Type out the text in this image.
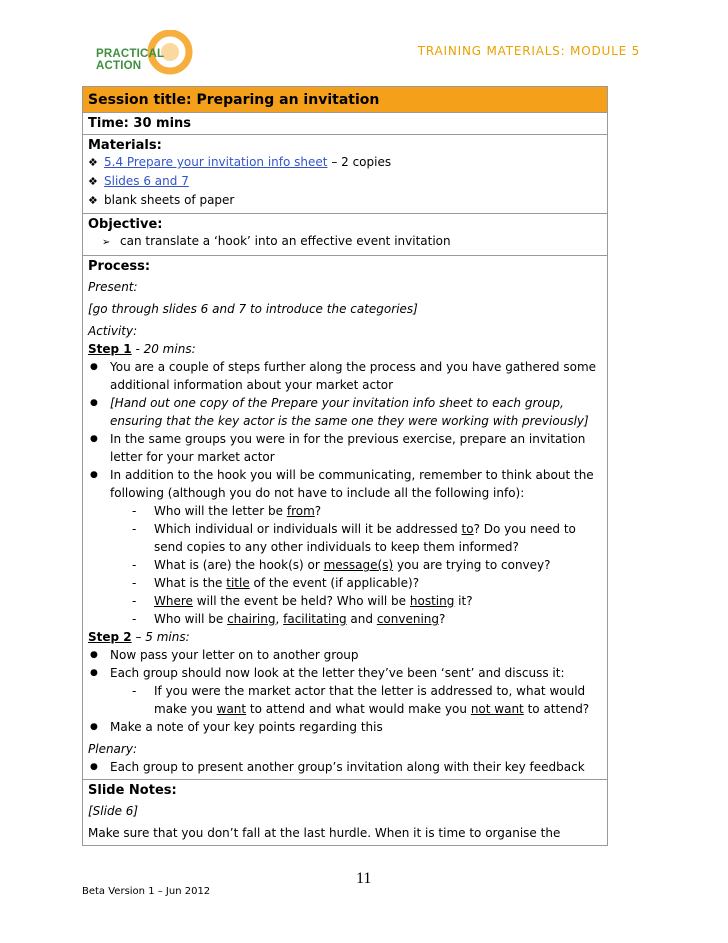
PRACTICAL ACTION
TRAINING MATERIALS: MODULE 5
Session title: Preparing an invitation
Time: 30 mins

Materials:
❖ 5.4 Prepare your invitation info sheet – 2 copies
❖ Slides 6 and 7
❖ blank sheets of paper

Objective:
➢ can translate a ‘hook’ into an effective event invitation

Process:
Present:
[go through slides 6 and 7 to introduce the categories]
Activity:
Step 1 - 20 mins:
● You are a couple of steps further along the process and you have gathered some additional information about your market actor
● [Hand out one copy of the Prepare your invitation info sheet to each group, ensuring that the key actor is the same one they were working with previously]
● In the same groups you were in for the previous exercise, prepare an invitation letter for your market actor
● In addition to the hook you will be communicating, remember to think about the following (although you do not have to include all the following info):
- Who will the letter be from?
- Which individual or individuals will it be addressed to? Do you need to send copies to any other individuals to keep them informed?
- What is (are) the hook(s) or message(s) you are trying to convey?
- What is the title of the event (if applicable)?
- Where will the event be held? Who will be hosting it?
- Who will be chairing, facilitating and convening?
Step 2 – 5 mins:
● Now pass your letter on to another group
● Each group should now look at the letter they’ve been ‘sent’ and discuss it:
- If you were the market actor that the letter is addressed to, what would make you want to attend and what would make you not want to attend?
● Make a note of your key points regarding this
Plenary:
● Each group to present another group’s invitation along with their key feedback

Slide Notes:
[Slide 6]
Make sure that you don’t fall at the last hurdle. When it is time to organise the
11
Beta Version 1 – Jun 2012
